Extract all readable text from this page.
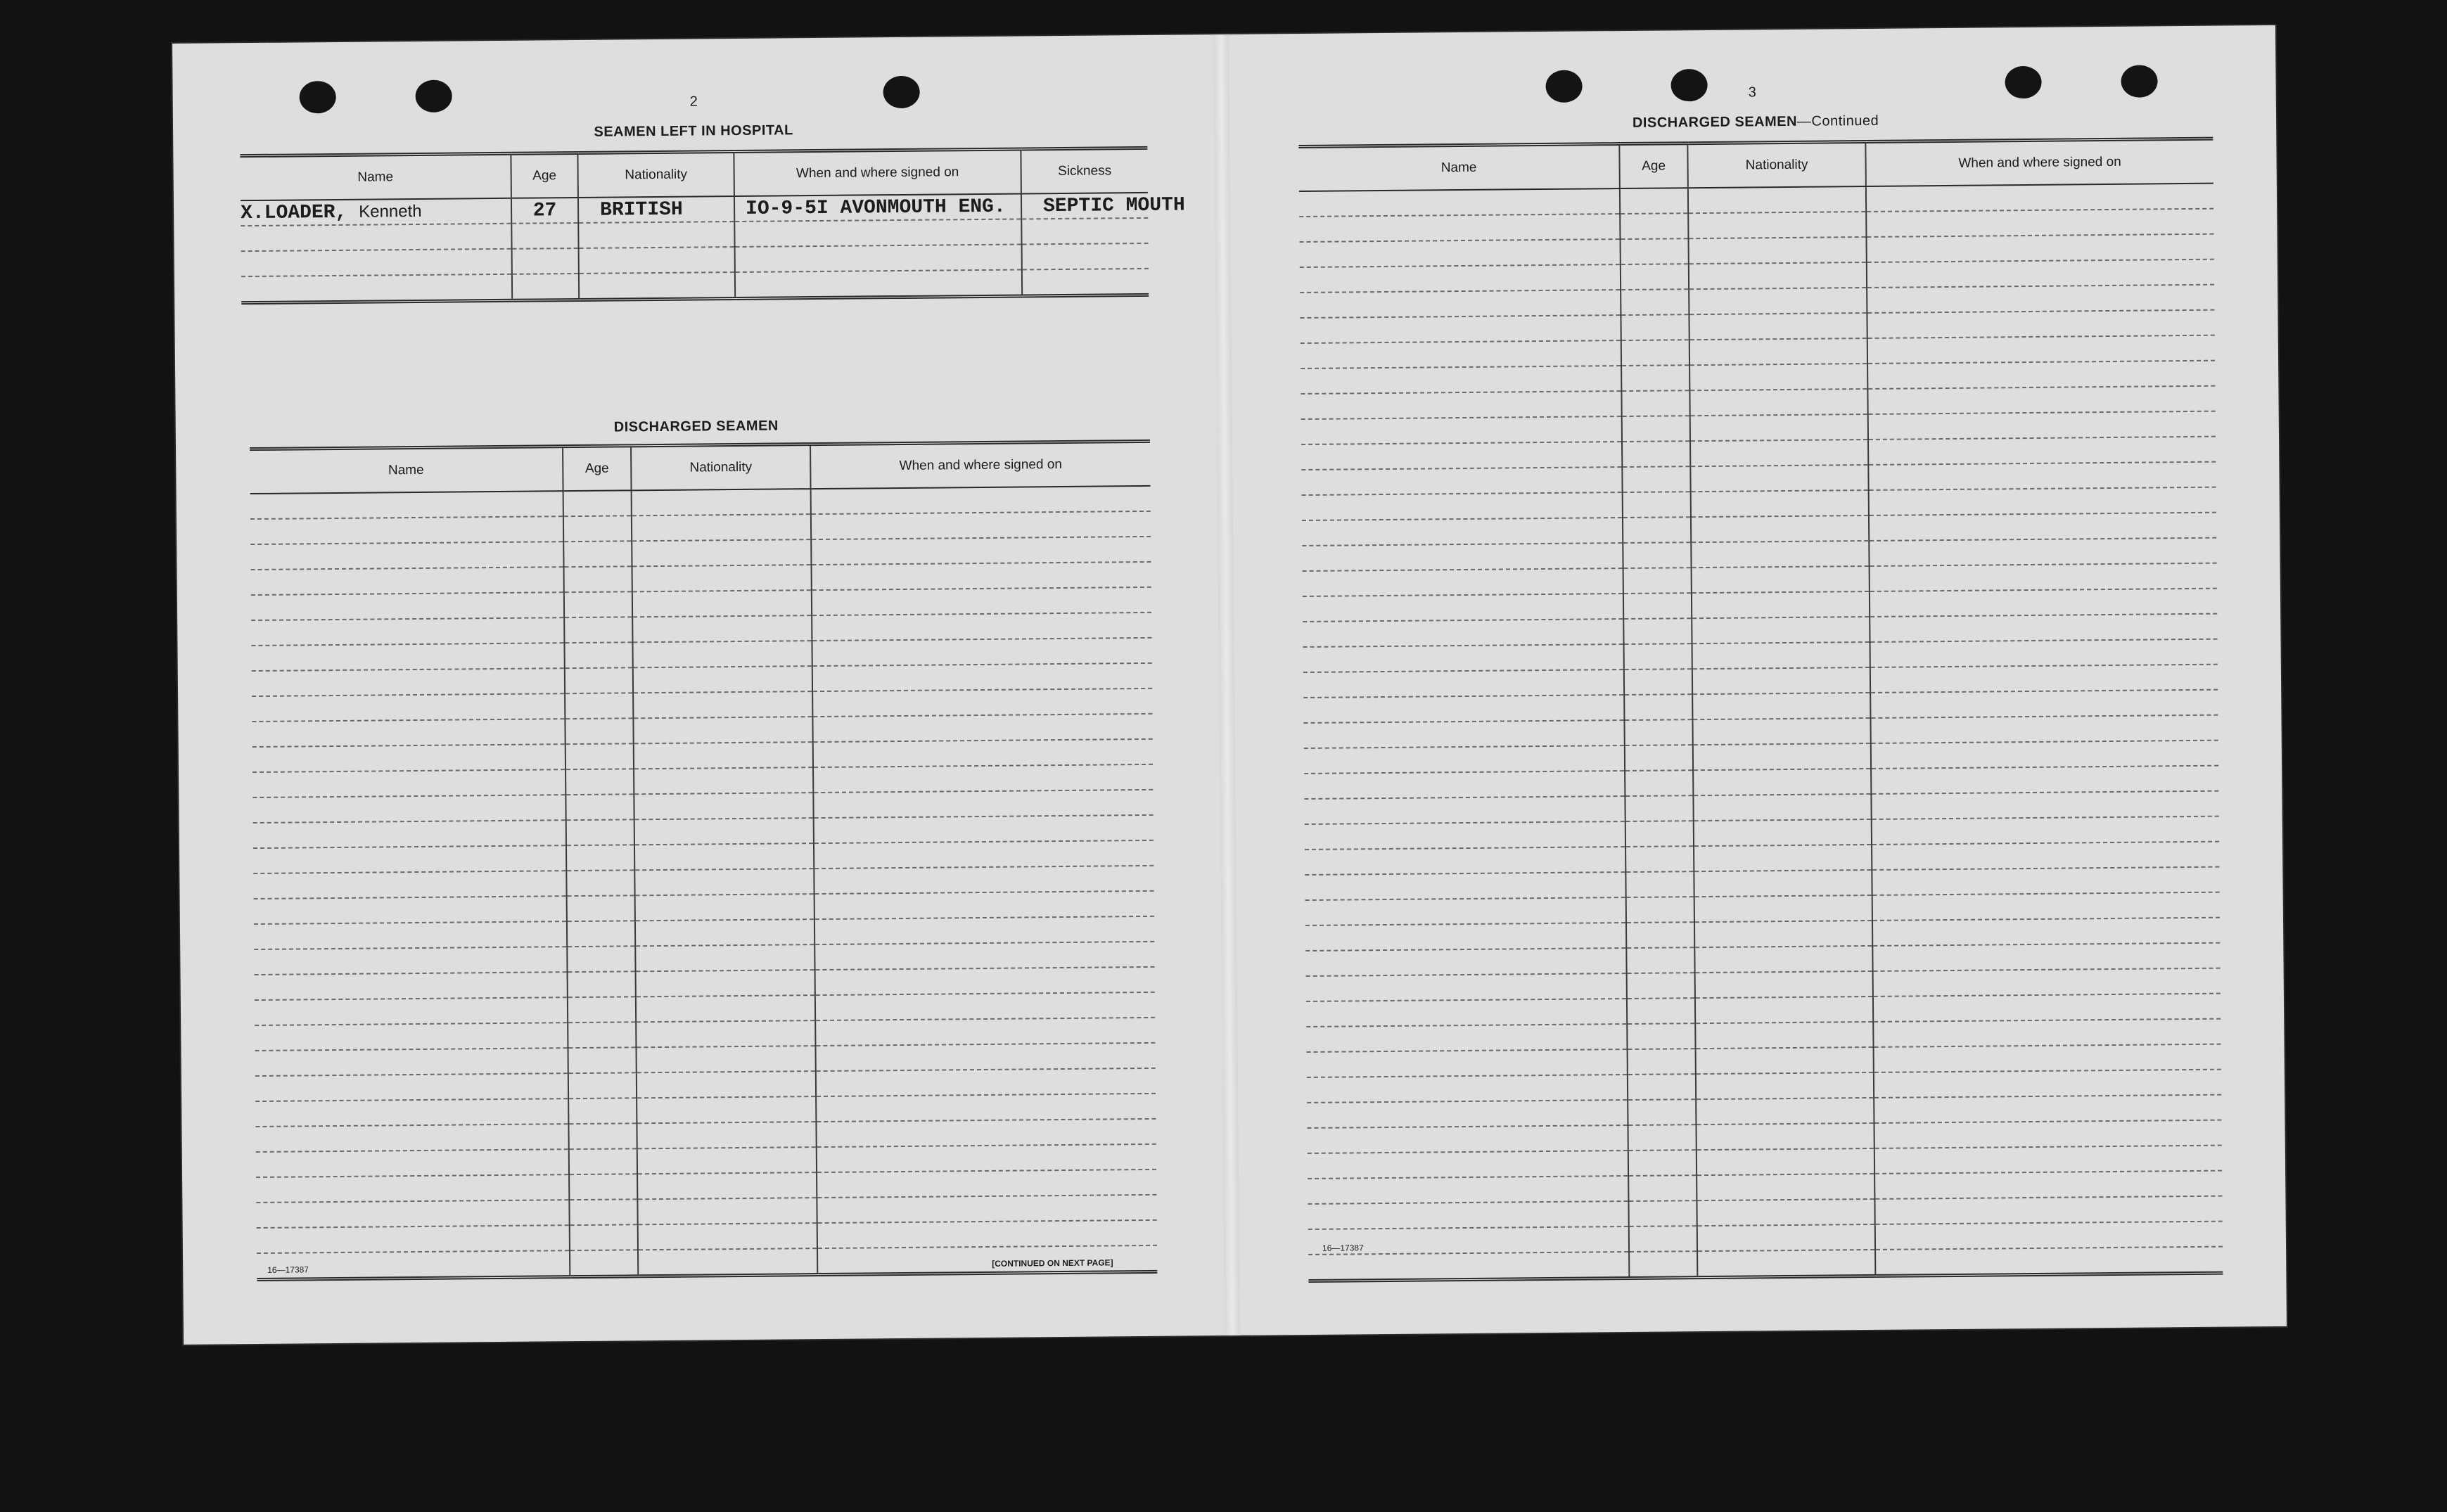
2
SEAMEN LEFT IN HOSPITAL
Name	Age	Nationality	When and where signed on	Sickness
X.LOADER, Kenneth	27	BRITISH	IO-9-5I AVONMOUTH ENG.	SEPTIC MOUTH

DISCHARGED SEAMEN
Name	Age	Nationality	When and where signed on

16—17387
[CONTINUED ON NEXT PAGE]
3
DISCHARGED SEAMEN—Continued
Name	Age	Nationality	When and where signed on

16—17387
